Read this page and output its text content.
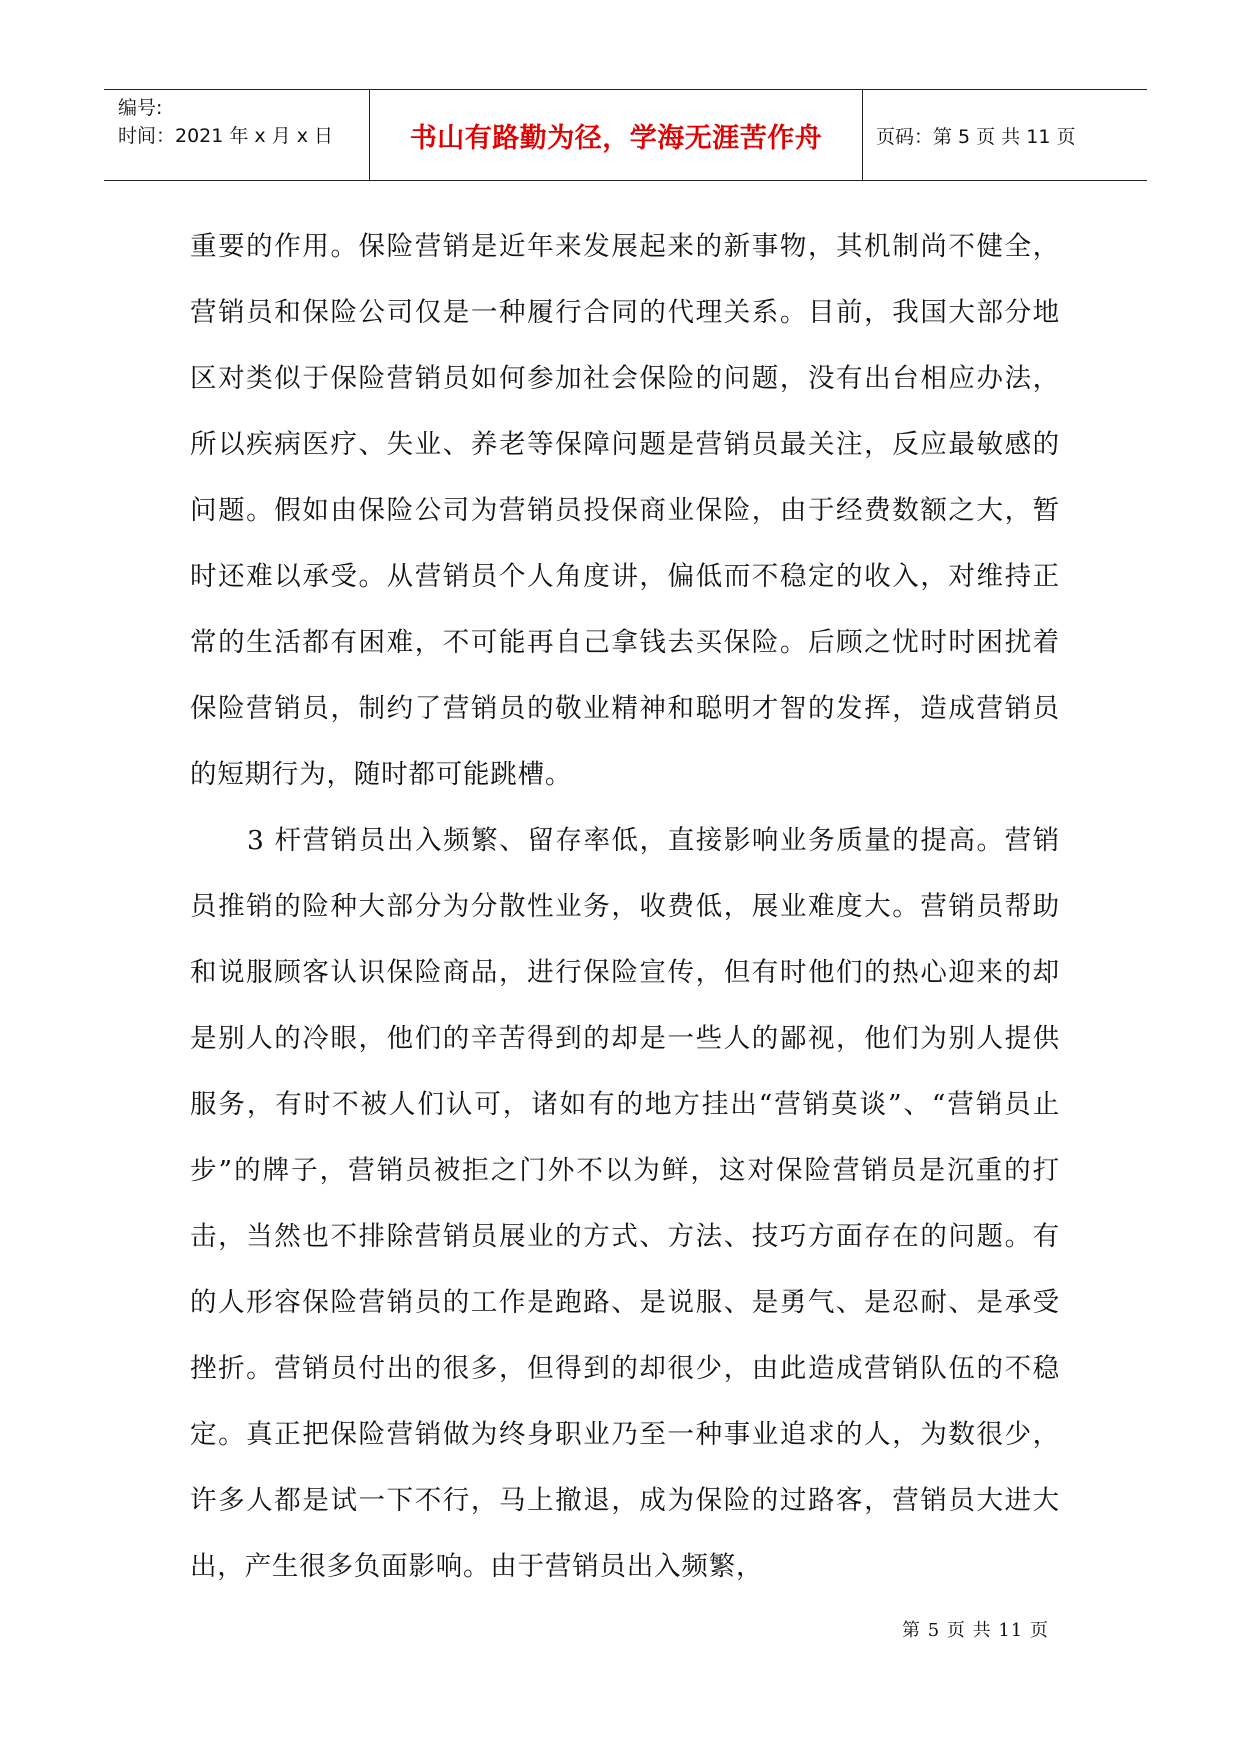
编号:
时间：2021 年 x 月 x 日	书山有路勤为径，学海无涯苦作舟	页码：第 5 页 共 11 页

重要的作用。保险营销是近年来发展起来的新事物，其机制尚不健全，营销员和保险公司仅是一种履行合同的代理关系。目前，我国大部分地区对类似于保险营销员如何参加社会保险的问题，没有出台相应办法，所以疾病医疗、失业、养老等保障问题是营销员最关注，反应最敏感的问题。假如由保险公司为营销员投保商业保险，由于经费数额之大，暂时还难以承受。从营销员个人角度讲，偏低而不稳定的收入，对维持正常的生活都有困难，不可能再自己拿钱去买保险。后顾之忧时时困扰着保险营销员，制约了营销员的敬业精神和聪明才智的发挥，造成营销员的短期行为，随时都可能跳槽。

3 杆营销员出入频繁、留存率低，直接影响业务质量的提高。营销员推销的险种大部分为分散性业务，收费低，展业难度大。营销员帮助和说服顾客认识保险商品，进行保险宣传，但有时他们的热心迎来的却是别人的冷眼，他们的辛苦得到的却是一些人的鄙视，他们为别人提供服务，有时不被人们认可，诸如有的地方挂出“营销莫谈”、“营销员止步”的牌子，营销员被拒之门外不以为鲜，这对保险营销员是沉重的打击，当然也不排除营销员展业的方式、方法、技巧方面存在的问题。有的人形容保险营销员的工作是跑路、是说服、是勇气、是忍耐、是承受挫折。营销员付出的很多，但得到的却很少，由此造成营销队伍的不稳定。真正把保险营销做为终身职业乃至一种事业追求的人，为数很少，许多人都是试一下不行，马上撤退，成为保险的过路客，营销员大进大出，产生很多负面影响。由于营销员出入频繁，

第 5 页 共 11 页
